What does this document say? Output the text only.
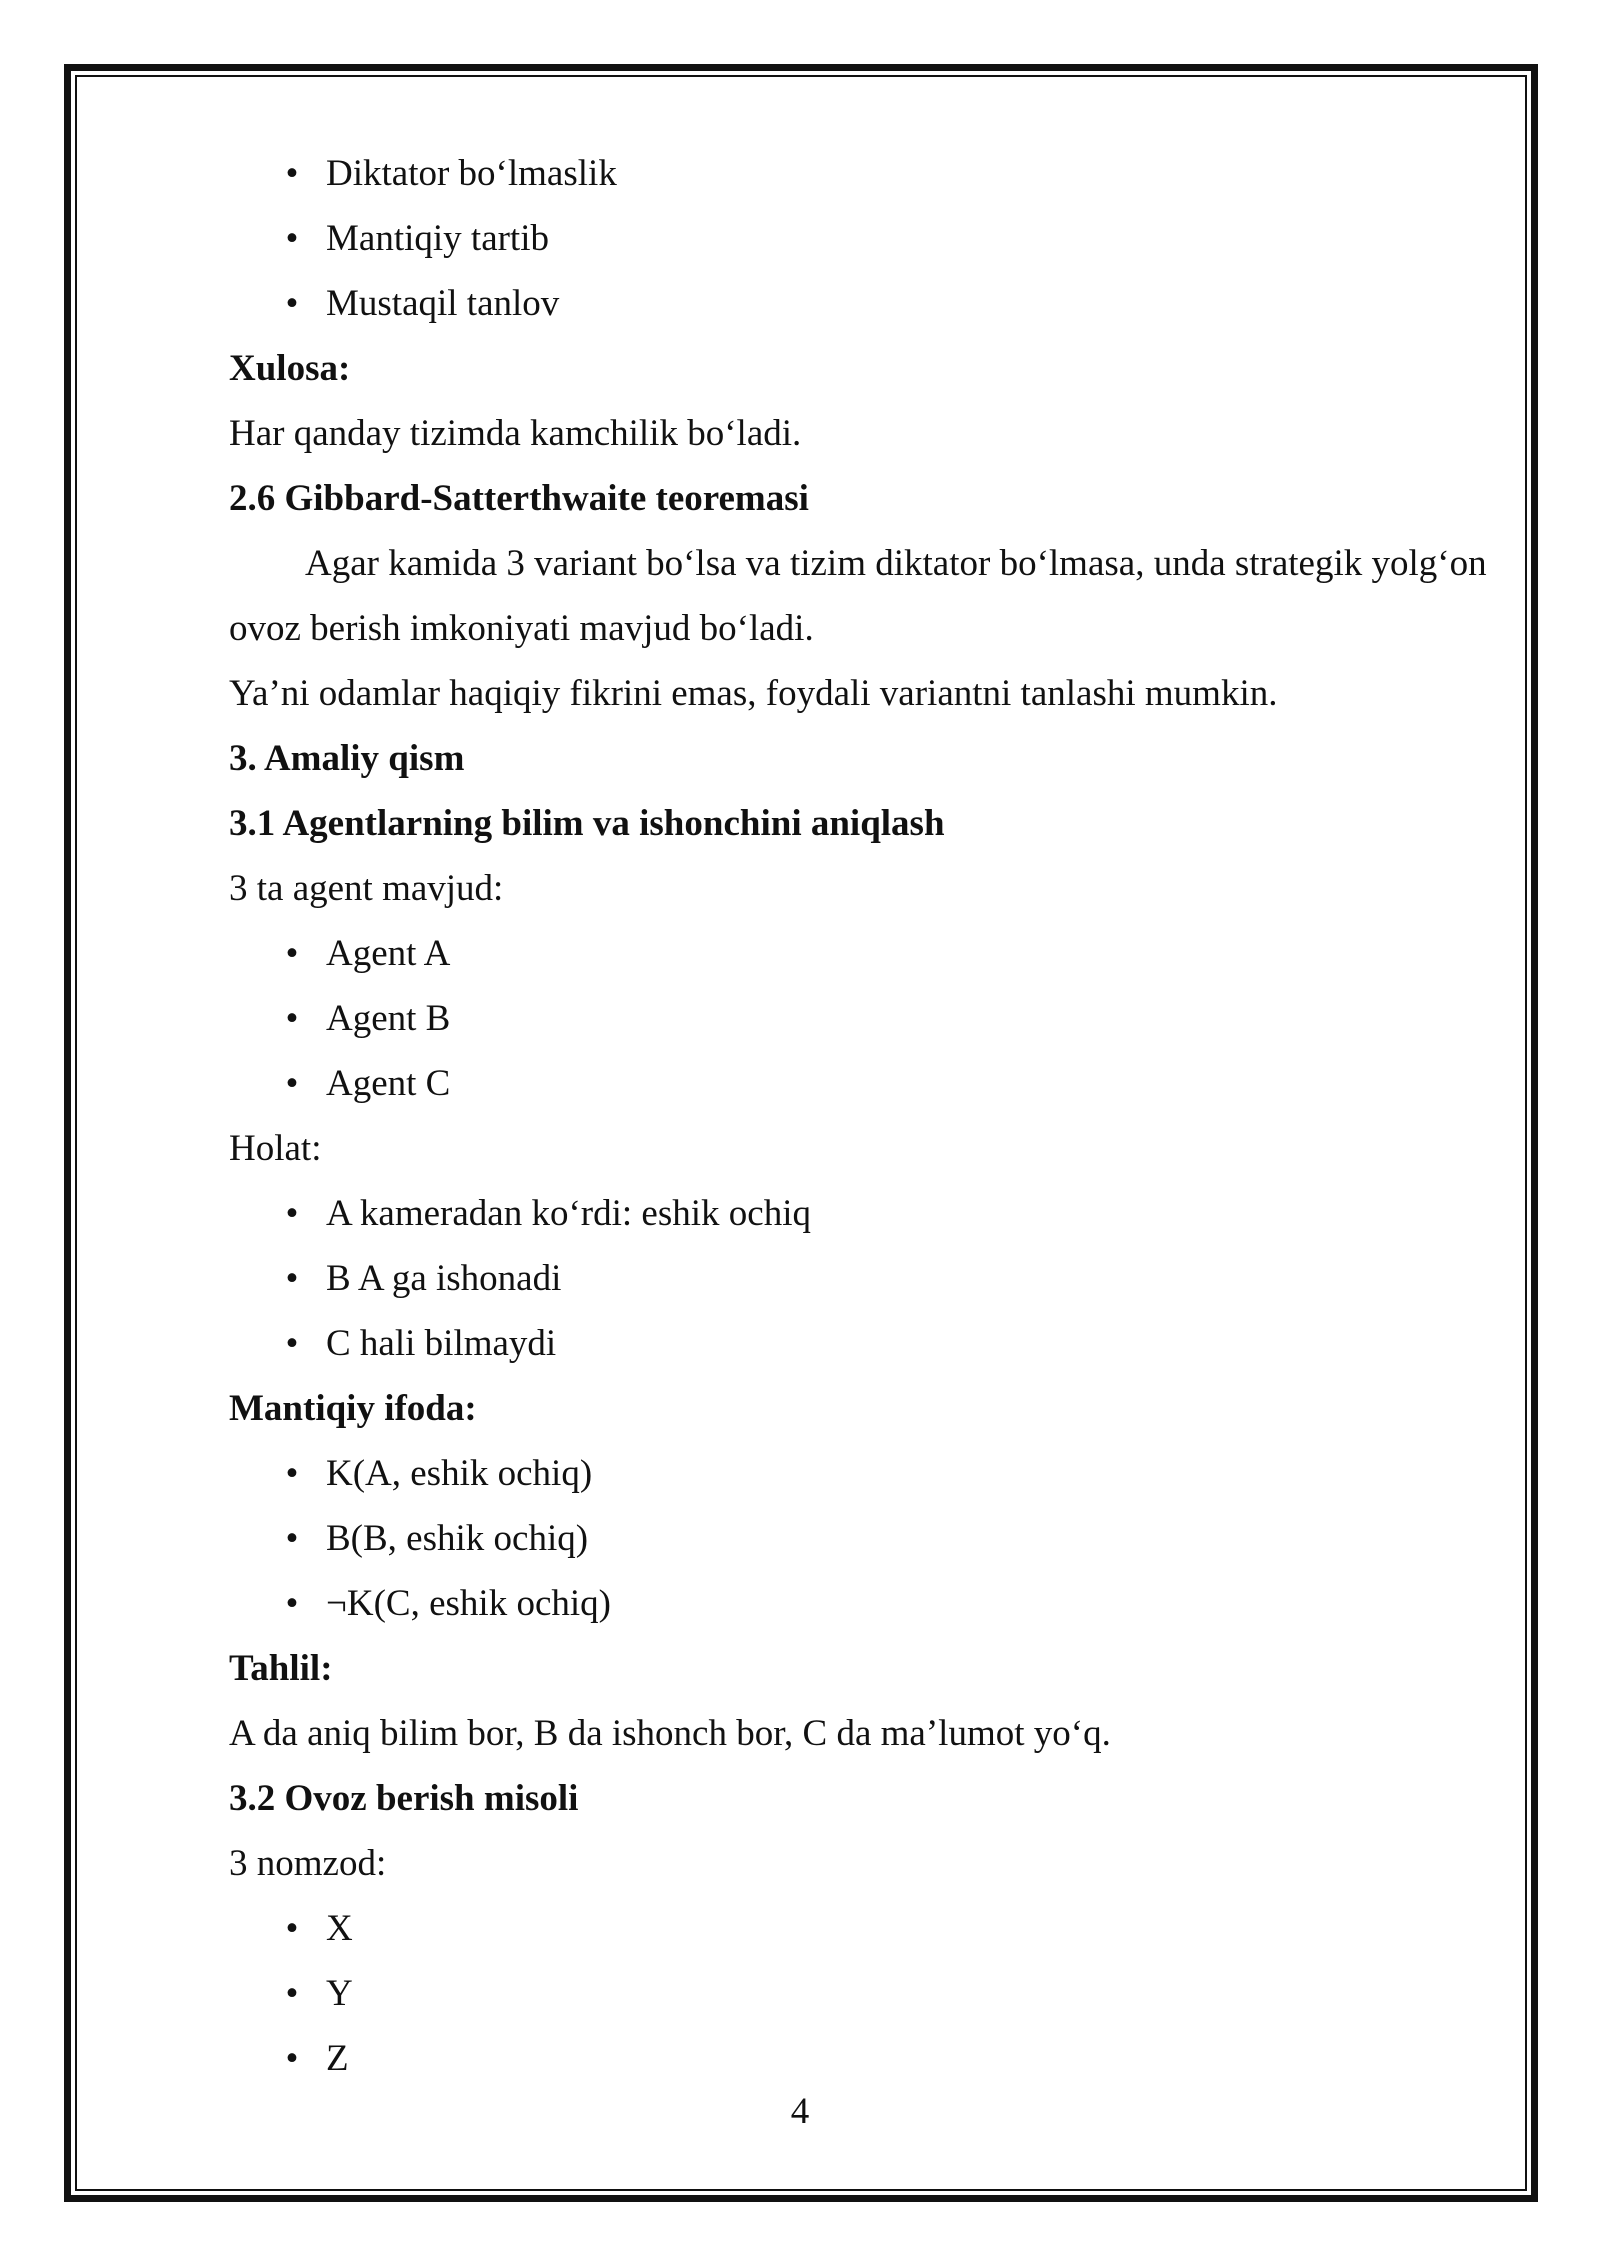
• Diktator bo‘lmaslik
• Mantiqiy tartib
• Mustaqil tanlov
Xulosa:
Har qanday tizimda kamchilik bo‘ladi.
2.6 Gibbard-Satterthwaite teoremasi
Agar kamida 3 variant bo‘lsa va tizim diktator bo‘lmasa, unda strategik yolg‘on
ovoz berish imkoniyati mavjud bo‘ladi.
Ya’ni odamlar haqiqiy fikrini emas, foydali variantni tanlashi mumkin.
3. Amaliy qism
3.1 Agentlarning bilim va ishonchini aniqlash
3 ta agent mavjud:
• Agent A
• Agent B
• Agent C
Holat:
• A kameradan ko‘rdi: eshik ochiq
• B A ga ishonadi
• C hali bilmaydi
Mantiqiy ifoda:
• K(A, eshik ochiq)
• B(B, eshik ochiq)
• ¬K(C, eshik ochiq)
Tahlil:
A da aniq bilim bor, B da ishonch bor, C da ma’lumot yo‘q.
3.2 Ovoz berish misoli
3 nomzod:
• X
• Y
• Z
4
